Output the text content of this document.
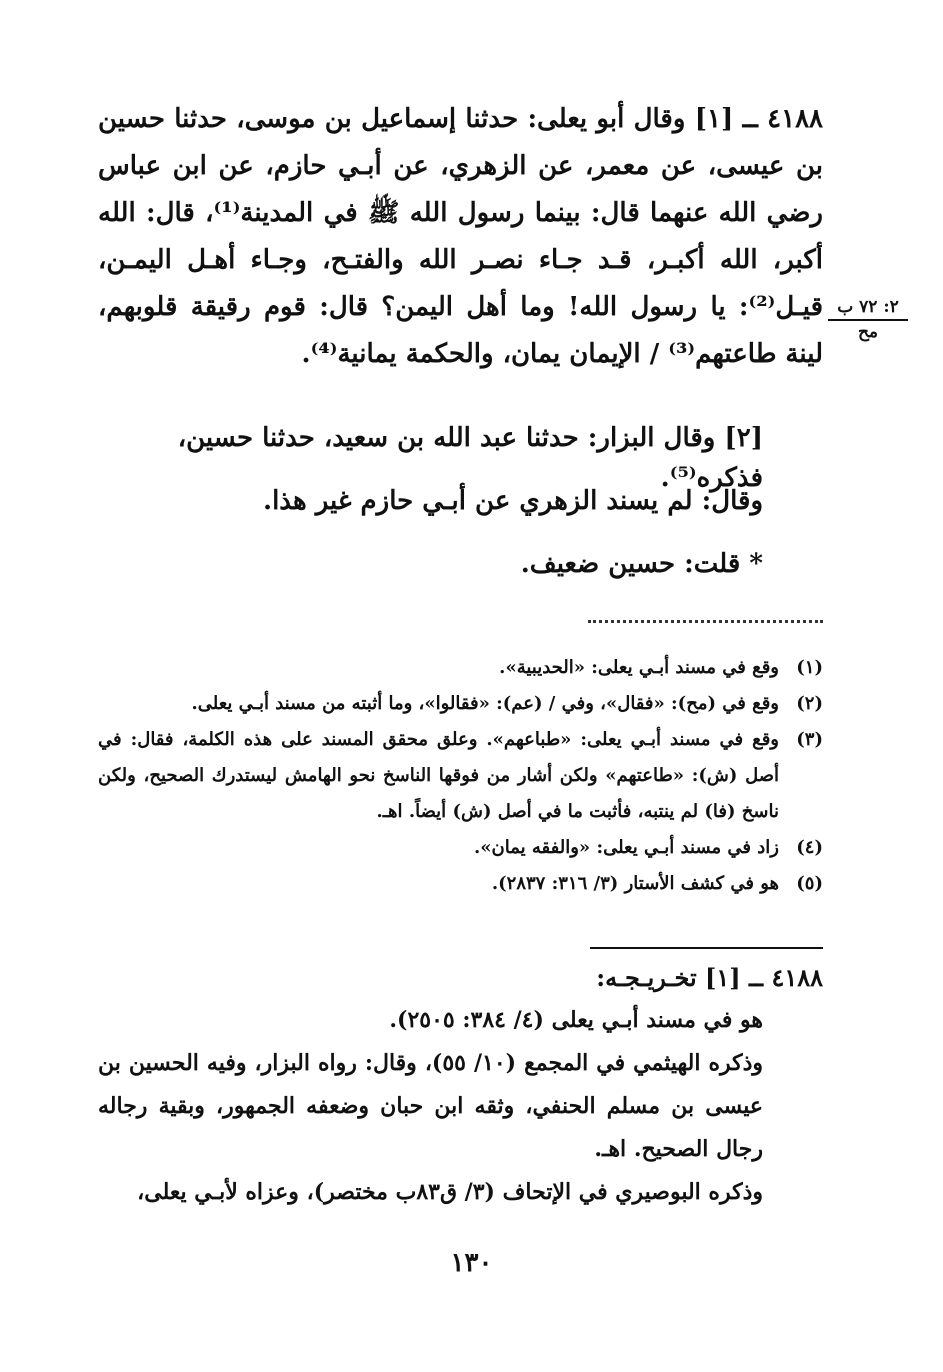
٤١٨٨ ــ [١] وقال أبو يعلى: حدثنا إسماعيل بن موسى، حدثنا حسين بن عيسى، عن معمر، عن الزهري، عن أبـي حازم، عن ابن عباس رضي الله عنهما قال: بينما رسول الله ﷺ في المدينة⁽¹⁾، قال: الله أكبر، الله أكبـر، قـد جـاء نصـر الله والفتـح، وجـاء أهـل اليمـن، قيـل⁽²⁾: يا رسول الله! وما أهل اليمن؟ قال: قوم رقيقة قلوبهم، لينة طاعتهم⁽³⁾ / الإيمان يمان، والحكمة يمانية⁽⁴⁾.

٢: ٧٢ ب
مح
[٢] وقال البزار: حدثنا عبد الله بن سعيد، حدثنا حسين، فذكره⁽⁵⁾.
وقال: لم يسند الزهري عن أبـي حازم غير هذا.
* قلت: حسين ضعيف.
(١)
وقع في مسند أبـي يعلى: «الحديبية».
(٢)
وقع في (مح): «فقال»، وفي / (عم): «فقالوا»، وما أثبته من مسند أبـي يعلى.
(٣)
وقع في مسند أبـي يعلى: «طباعهم». وعلق محقق المسند على هذه الكلمة، فقال: في أصل (ش): «طاعتهم» ولكن أشار من فوقها الناسخ نحو الهامش ليستدرك الصحيح، ولكن ناسخ (فا) لم ينتبه، فأثبت ما في أصل (ش) أيضاً. اهـ.
(٤)
زاد في مسند أبـي يعلى: «والفقه يمان».
(٥)
هو في كشف الأستار (٣/ ٣١٦: ٢٨٣٧).

٤١٨٨ ــ [١] تخـريـجـه:

هو في مسند أبـي يعلى (٤/ ٣٨٤: ٢٥٠٥).

وذكره الهيثمي في المجمع (١٠/ ٥٥)، وقال: رواه البزار، وفيه الحسين بن عيسى بن مسلم الحنفي، وثقه ابن حبان وضعفه الجمهور، وبقية رجاله رجال الصحيح. اهـ.

وذكره البوصيري في الإتحاف (٣/ ق٨٣ب مختصر)، وعزاه لأبـي يعلى،

١٣٠
